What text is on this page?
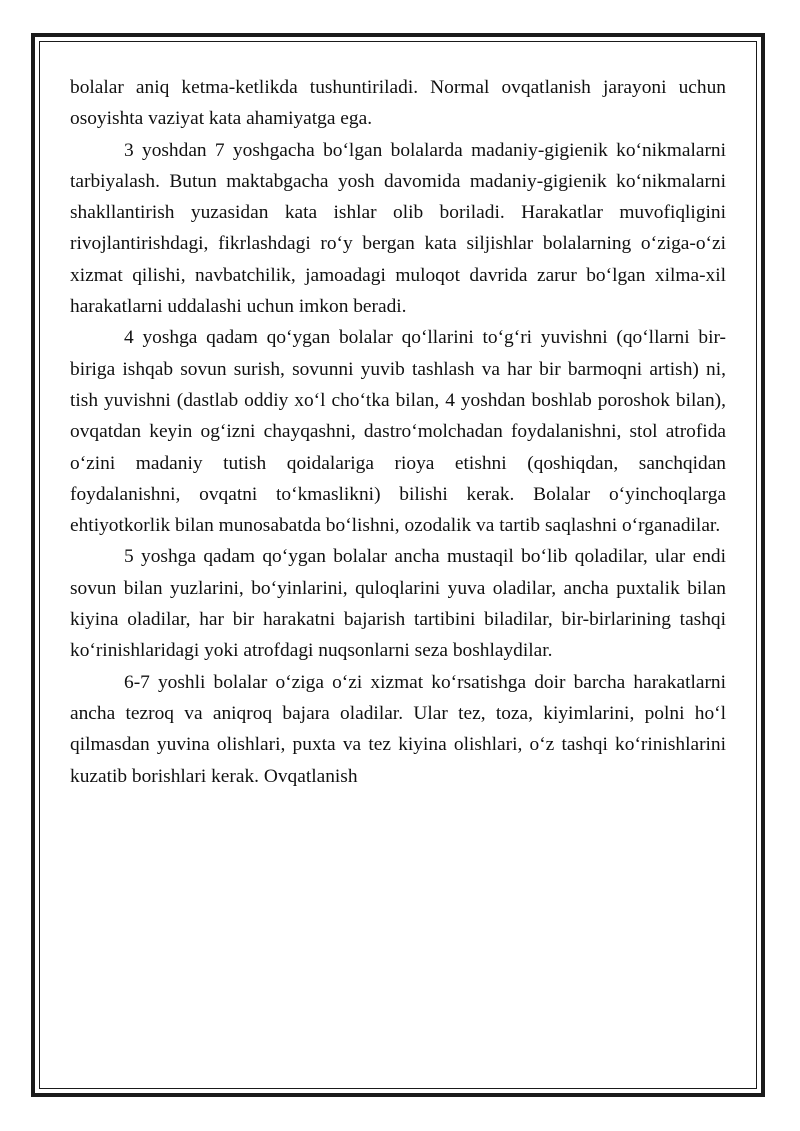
bolalar aniq ketma-ketlikda tushuntiriladi. Normal ovqatlanish jarayoni uchun osoyishta vaziyat kata ahamiyatga ega.

3 yoshdan 7 yoshgacha bo‘lgan bolalarda madaniy-gigienik ko‘nikmalarni tarbiyalash. Butun maktabgacha yosh davomida madaniy-gigienik ko‘nikmalarni shakllantirish yuzasidan kata ishlar olib boriladi. Harakatlar muvofiqligini rivojlantirishdagi, fikrlashdagi ro‘y bergan kata siljishlar bolalarning o‘ziga-o‘zi xizmat qilishi, navbatchilik, jamoadagi muloqot davrida zarur bo‘lgan xilma-xil harakatlarni uddalashi uchun imkon beradi.

4 yoshga qadam qo‘ygan bolalar qo‘llarini to‘g‘ri yuvishni (qo‘llarni bir-biriga ishqab sovun surish, sovunni yuvib tashlash va har bir barmoqni artish) ni, tish yuvishni (dastlab oddiy xo‘l cho‘tka bilan, 4 yoshdan boshlab poroshok bilan), ovqatdan keyin og‘izni chayqashni, dastro‘molchadan foydalanishni, stol atrofida o‘zini madaniy tutish qoidalariga rioya etishni (qoshiqdan, sanchqidan foydalanishni, ovqatni to‘kmaslikni) bilishi kerak. Bolalar o‘yinchoqlarga ehtiyotkorlik bilan munosabatda bo‘lishni, ozodalik va tartib saqlashni o‘rganadilar.

5 yoshga qadam qo‘ygan bolalar ancha mustaqil bo‘lib qoladilar, ular endi sovun bilan yuzlarini, bo‘yinlarini, quloqlarini yuva oladilar, ancha puxtalik bilan kiyina oladilar, har bir harakatni bajarish tartibini biladilar, bir-birlarining tashqi ko‘rinishlaridagi yoki atrofdagi nuqsonlarni seza boshlaydilar.

6-7 yoshli bolalar o‘ziga o‘zi xizmat ko‘rsatishga doir barcha harakatlarni ancha tezroq va aniqroq bajara oladilar. Ular tez, toza, kiyimlarini, polni ho‘l qilmasdan yuvina olishlari, puxta va tez kiyina olishlari, o‘z tashqi ko‘rinishlarini kuzatib borishlari kerak. Ovqatlanish
